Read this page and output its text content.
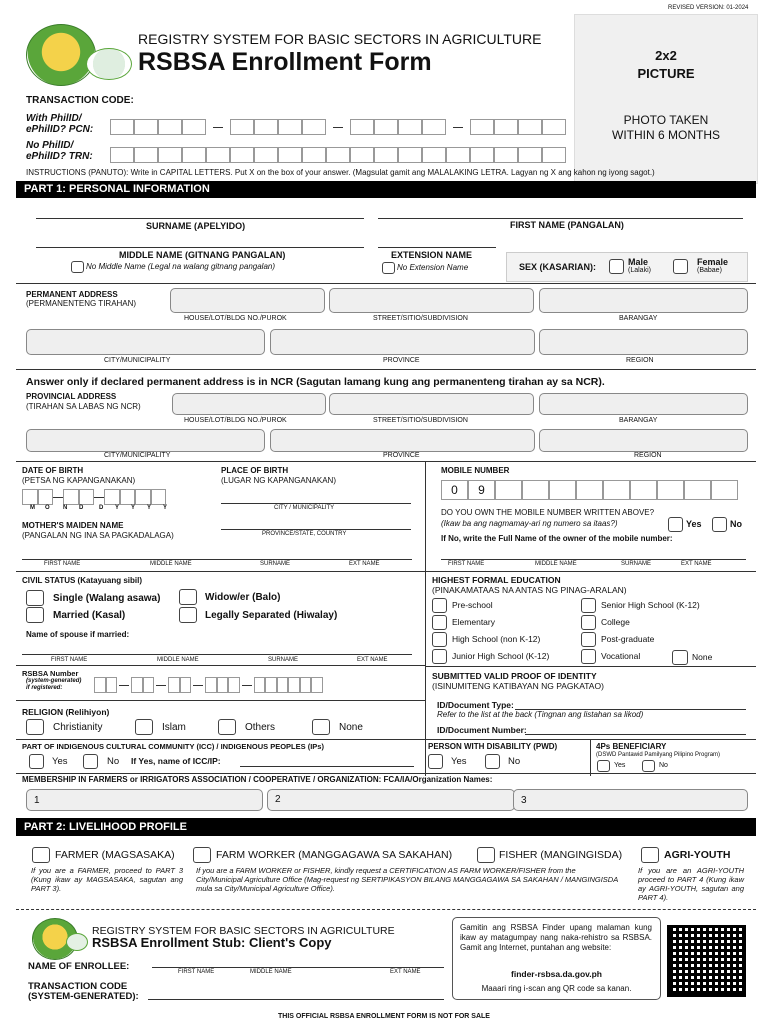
REVISED VERSION: 01-2024
REGISTRY SYSTEM FOR BASIC SECTORS IN AGRICULTURE
RSBSA Enrollment Form	2x2
PICTURE
PHOTO TAKEN
WITHIN 6 MONTHS
TRANSACTION CODE:
With PhilID/
ePhilID? PCN:
No PhilID/
ePhilID? TRN:
INSTRUCTIONS (PANUTO): Write in CAPITAL LETTERS. Put X on the box of your answer. (Magsulat gamit ang MALALAKING LETRA. Lagyan ng X ang kahon ng iyong sagot.)
PART 1: PERSONAL INFORMATION
SURNAME (APELYIDO)	FIRST NAME (PANGALAN)
MIDDLE NAME (GITNANG PANGALAN)	EXTENSION NAME
No Middle Name (Legal na walang gitnang pangalan)	No Extension Name	SEX (KASARIAN):	Male
(Lalaki)
Female
(Babae)
PERMANENT ADDRESS
(PERMANENTENG TIRAHAN)
HOUSE/LOT/BLDG NO./PUROK	STREET/SITIO/SUBDIVISION	BARANGAY
CITY/MUNICIPALITY	PROVINCE	REGION
Answer only if declared permanent address is in NCR (Sagutan lamang kung ang permanenteng tirahan ay sa NCR).
PROVINCIAL ADDRESS
(TIRAHAN SA LABAS NG NCR)
HOUSE/LOT/BLDG NO./PUROK	STREET/SITIO/SUBDIVISION	BARANGAY
CITY/MUNICIPALITY	PROVINCE	REGION
DATE OF BIRTH
(PETSA NG KAPANGANAKAN)
M O N D	D Y Y Y Y
PLACE OF BIRTH
(LUGAR NG KAPANGANAKAN)
CITY / MUNICIPALITY
PROVINCE/STATE, COUNTRY
MOTHER'S MAIDEN NAME
(PANGALAN NG INA SA PAGKADALAGA)
FIRST NAME	MIDDLE NAME	SURNAME	EXT NAME
MOBILE NUMBER
0	9
DO YOU OWN THE MOBILE NUMBER WRITTEN ABOVE?
(Ikaw ba ang nagmamay-ari ng numero sa itaas?)	Yes	No
If No, write the Full Name of the owner of the mobile number:
FIRST NAME	MIDDLE NAME	SURNAME	EXT NAME
CIVIL STATUS (Katayuang sibil)
Single (Walang asawa)	Widow/er (Balo)
Married (Kasal)	Legally Separated (Hiwalay)
Name of spouse if married:
FIRST NAME	MIDDLE NAME	SURNAME	EXT NAME
RSBSA Number
(system-generated)
if registered:
HIGHEST FORMAL EDUCATION
(PINAKAMATAAS NA ANTAS NG PINAG-ARALAN)
Pre-school
Elementary
High School (non K-12)
Junior High School (K-12)
Senior High School (K-12)
College
Post-graduate
Vocational	None
SUBMITTED VALID PROOF OF IDENTITY
(ISINUMITENG KATIBAYAN NG PAGKATAO)
ID/Document Type:
Refer to the list at the back (Tingnan ang listahan sa likod)
ID/Document Number:
RELIGION (Relihiyon)
Christianity	Islam	Others	None
PART OF INDIGENOUS CULTURAL COMMUNITY (ICC) / INDIGENOUS PEOPLES (IPs)
Yes	No If Yes, name of ICC/IP:
PERSON WITH DISABILITY (PWD)
Yes	No
4Ps BENEFICIARY
(DSWD Pantawid Pamilyang Pilipino Program)
Yes	No
MEMBERSHIP IN FARMERS or IRRIGATORS ASSOCIATION / COOPERATIVE / ORGANIZATION: FCA/IA/Organization Names:
1	2	3
PART 2: LIVELIHOOD PROFILE
FARMER (MAGSASAKA)	FARM WORKER (MANGGAGAWA SA SAKAHAN)	FISHER (MANGINGISDA)	AGRI-YOUTH
If you are a FARMER, proceed to PART 3 (Kung ikaw ay MAGSASAKA, sagutan ang PART 3).
If you are a FARM WORKER or FISHER, kindly request a CERTIFICATION AS FARM WORKER/FISHER from the City/Municipal Agriculture Office (Mag-request ng SERTIPIKASYON BILANG MANGGAGAWA SA SAKAHAN / MANGINGISDA mula sa City/Municipal Agriculture Office).
If you are an AGRI-YOUTH proceed to PART 4 (Kung ikaw ay AGRI-YOUTH, sagutan ang PART 4).
REGISTRY SYSTEM FOR BASIC SECTORS IN AGRICULTURE
RSBSA Enrollment Stub: Client's Copy
NAME OF ENROLLEE:	FIRST NAME	MIDDLE NAME	EXT NAME
TRANSACTION CODE
(SYSTEM-GENERATED):
Gamitin ang RSBSA Finder upang malaman kung ikaw ay matagumpay nang naka-rehistro sa RSBSA. Gamit ang Internet, puntahan ang website:
finder-rsbsa.da.gov.ph
Maaari ring i-scan ang QR code sa kanan.
THIS OFFICIAL RSBSA ENROLLMENT FORM IS NOT FOR SALE
